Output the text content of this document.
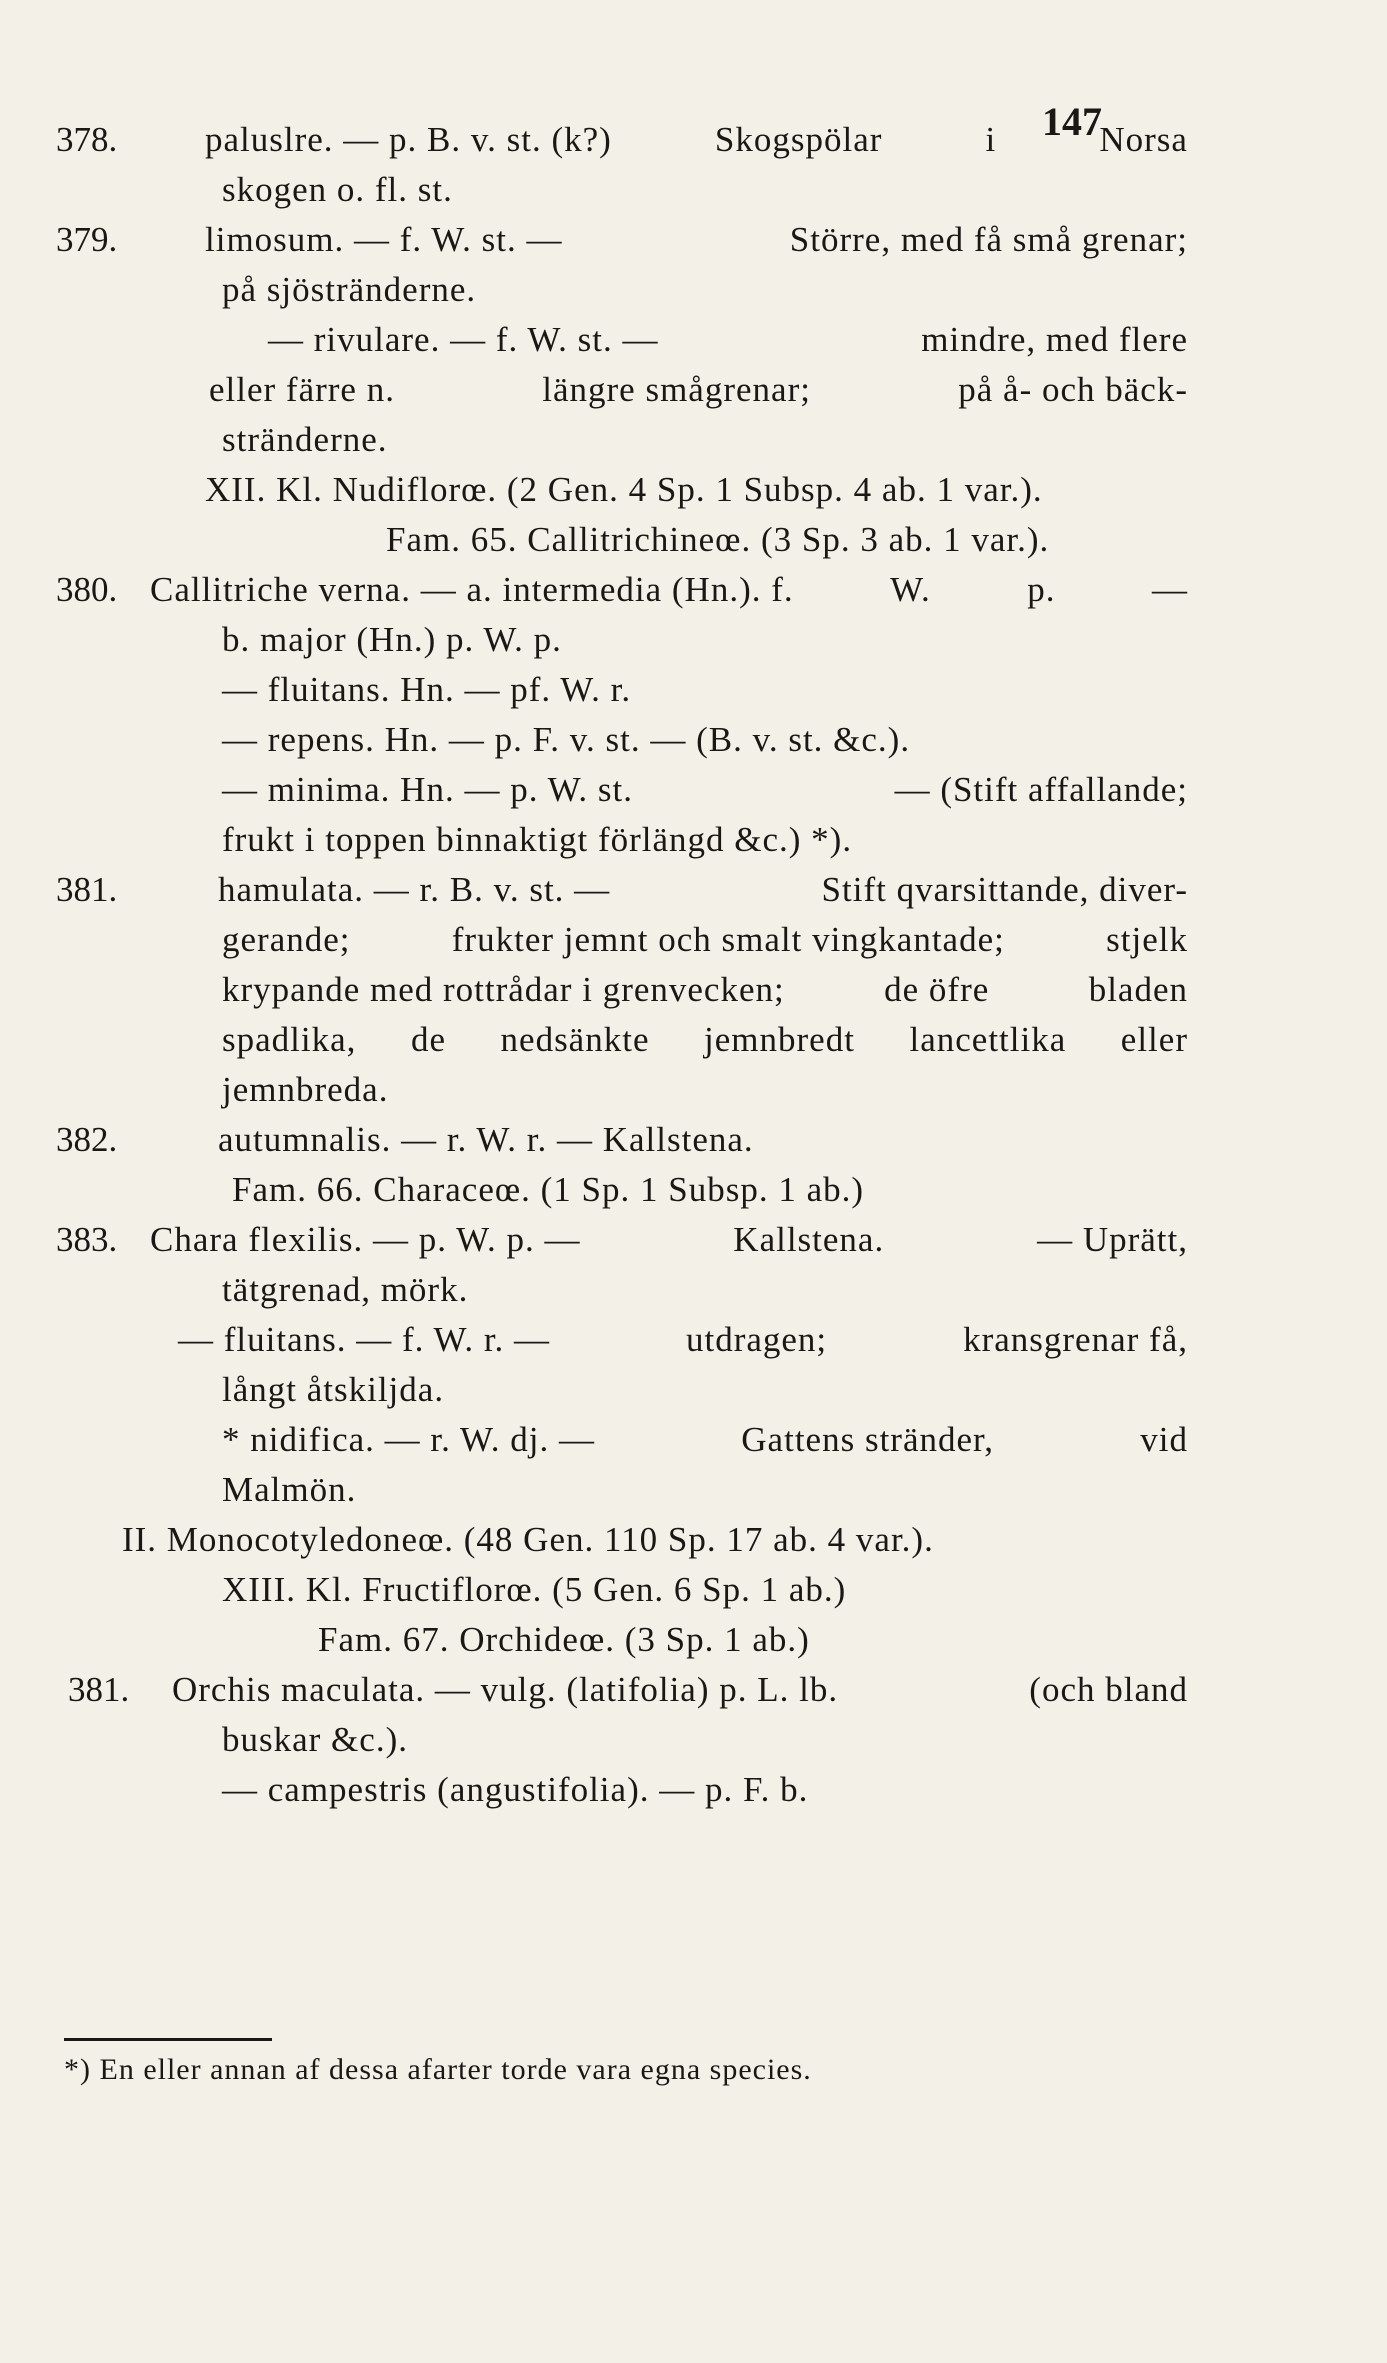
147
378.	paluslre. — p. B. v. st. (k?)	Skogspölar	i	Norsa
skogen o. fl. st.
379.	limosum. — f. W. st. —	Större, med få små grenar;
på sjöstränderne.
— rivulare. — f. W. st. —	mindre, med flere
eller färre n.	längre smågrenar;	på å- och bäck-
stränderne.
XII. Kl. Nudiflorœ. (2 Gen. 4 Sp. 1 Subsp. 4 ab. 1 var.).
Fam. 65. Callitrichineœ. (3 Sp. 3 ab. 1 var.).
380. Callitriche verna. — a. intermedia (Hn.). f.	W.	p.	—
b. major (Hn.) p. W. p.
— fluitans. Hn. — pf. W. r.
— repens. Hn. — p. F. v. st. — (B. v. st. &c.).
— minima. Hn. — p. W. st.	— (Stift affallande;
frukt i toppen binnaktigt förlängd &c.) *).
381.	hamulata. — r. B. v. st. —	Stift qvarsittande, diver-
gerande;	frukter jemnt och smalt vingkantade;	stjelk
krypande med rottrådar i grenvecken;	de öfre	bladen
spadlika, de nedsänkte jemnbredt lancettlika eller
jemnbreda.
382.	autumnalis. — r. W. r. — Kallstena.
Fam. 66. Characeœ. (1 Sp. 1 Subsp. 1 ab.)
383. Chara flexilis. — p. W. p. —	Kallstena.	— Uprätt,
tätgrenad, mörk.
— fluitans. — f. W. r. —	utdragen;	kransgrenar få,
långt åtskiljda.
* nidifica. — r. W. dj. —	Gattens stränder,	vid
Malmön.
II. Monocotyledoneœ. (48 Gen. 110 Sp. 17 ab. 4 var.).
XIII. Kl. Fructiflorœ. (5 Gen. 6 Sp. 1 ab.)
Fam. 67. Orchideœ. (3 Sp. 1 ab.)
381. Orchis maculata. — vulg. (latifolia) p. L. lb.	(och bland
buskar &c.).
— campestris (angustifolia). — p. F. b.
*) En eller annan af dessa afarter torde vara egna species.
